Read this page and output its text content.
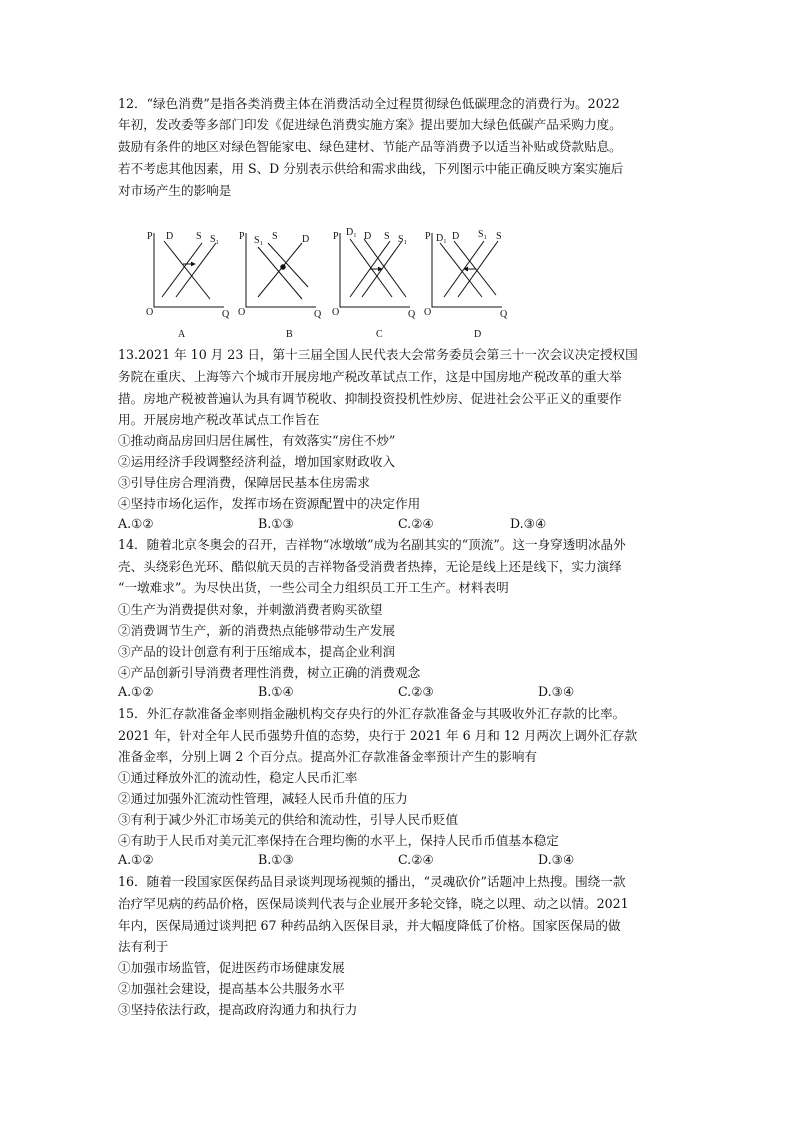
12．“绿色消费”是指各类消费主体在消费活动全过程贯彻绿色低碳理念的消费行为。2022
年初，发改委等多部门印发《促进绿色消费实施方案》提出要加大绿色低碳产品采购力度。
鼓励有条件的地区对绿色智能家电、绿色建材、节能产品等消费予以适当补贴或贷款贴息。
若不考虑其他因素，用 S、D 分别表示供给和需求曲线，下列图示中能正确反映方案实施后
对市场产生的影响是
P
O	Q
D S S₁
A
P
O	Q
S₁ S D
B
P
O	Q
D₁ D S S₁
C
P
O	Q
D₁ D S₁ S
D
13.2021 年 10 月 23 日，第十三届全国人民代表大会常务委员会第三十一次会议决定授权国
务院在重庆、上海等六个城市开展房地产税改革试点工作，这是中国房地产税改革的重大举
措。房地产税被普遍认为具有调节税收、抑制投资投机性炒房、促进社会公平正义的重要作
用。开展房地产税改革试点工作旨在
①推动商品房回归居住属性，有效落实“房住不炒”
②运用经济手段调整经济利益，增加国家财政收入
③引导住房合理消费，保障居民基本住房需求
④坚持市场化运作，发挥市场在资源配置中的决定作用
A.①②	B.①③	C.②④	D.③④
14．随着北京冬奥会的召开，吉祥物“冰墩墩”成为名副其实的“顶流”。这一身穿透明冰晶外
壳、头绕彩色光环、酷似航天员的吉祥物备受消费者热捧，无论是线上还是线下，实力演绎
“一墩难求”。为尽快出货，一些公司全力组织员工开工生产。材料表明
①生产为消费提供对象，并刺激消费者购买欲望
②消费调节生产，新的消费热点能够带动生产发展
③产品的设计创意有利于压缩成本，提高企业利润
④产品创新引导消费者理性消费，树立正确的消费观念
A.①②	B.①④	C.②③	D.③④
15．外汇存款准备金率则指金融机构交存央行的外汇存款准备金与其吸收外汇存款的比率。
2021 年，针对全年人民币强势升值的态势，央行于 2021 年 6 月和 12 月两次上调外汇存款
准备金率，分别上调 2 个百分点。提高外汇存款准备金率预计产生的影响有
①通过释放外汇的流动性，稳定人民币汇率
②通过加强外汇流动性管理，减轻人民币升值的压力
③有利于减少外汇市场美元的供给和流动性，引导人民币贬值
④有助于人民币对美元汇率保持在合理均衡的水平上，保持人民币币值基本稳定
A.①②	B.①③	C.②④	D.③④
16．随着一段国家医保药品目录谈判现场视频的播出，“灵魂砍价”话题冲上热搜。围绕一款
治疗罕见病的药品价格，医保局谈判代表与企业展开多轮交锋，晓之以理、动之以情。2021
年内，医保局通过谈判把 67 种药品纳入医保目录，并大幅度降低了价格。国家医保局的做
法有利于
①加强市场监管，促进医药市场健康发展
②加强社会建设，提高基本公共服务水平
③坚持依法行政，提高政府沟通力和执行力
